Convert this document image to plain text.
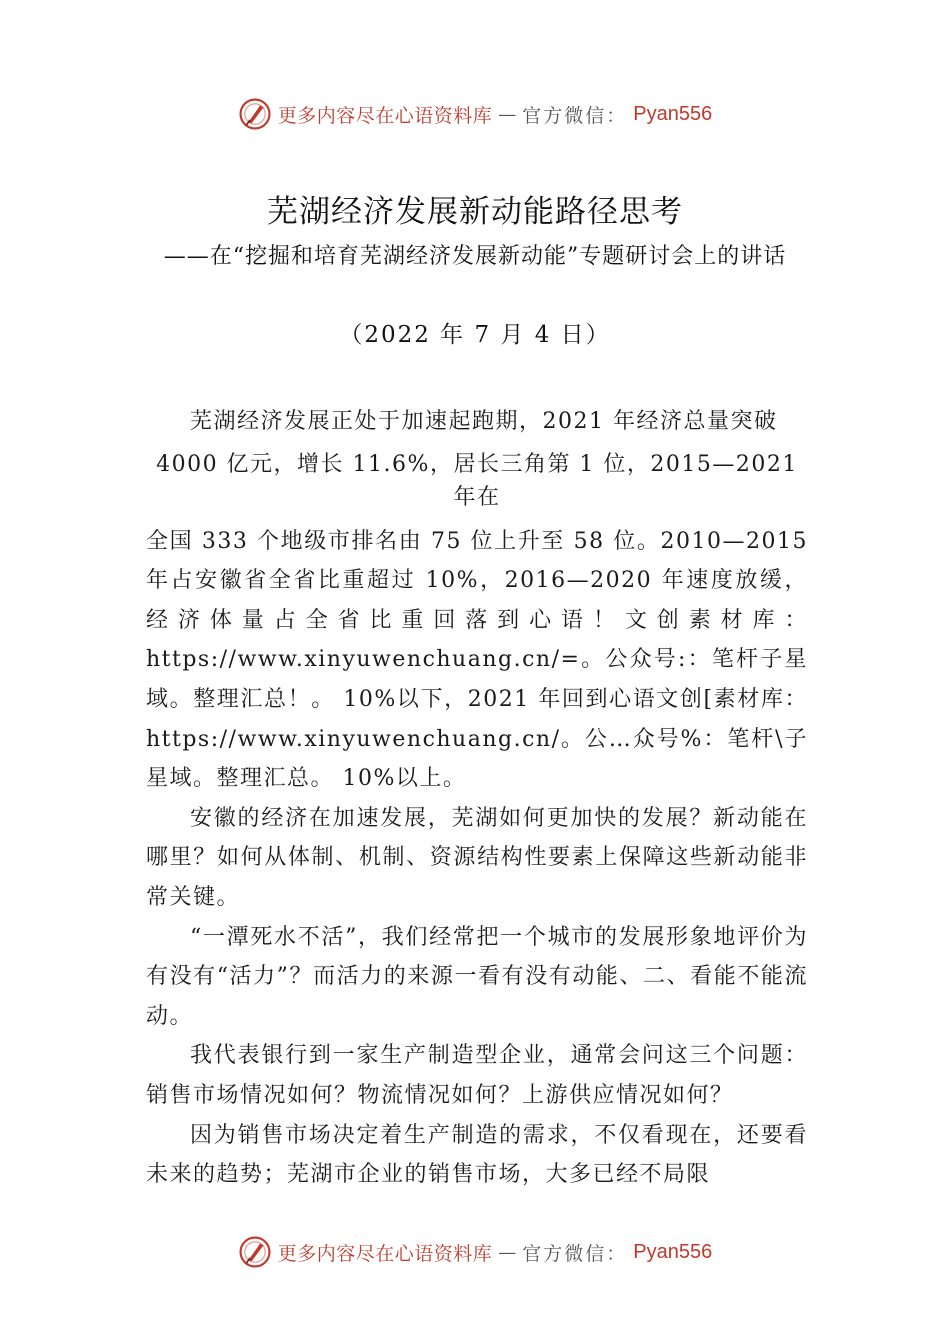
更多内容尽在心语资料库 — 官方微信： Pyan556
芜湖经济发展新动能路径思考
——在“挖掘和培育芜湖经济发展新动能”专题研讨会上的讲话
（2022 年 7 月 4 日）

芜湖经济发展正处于加速起跑期，2021 年经济总量突破

4000 亿元，增长 11.6%，居长三角第 1 位，2015—2021 年在

全国 333 个地级市排名由 75 位上升至 58 位。2010—2015 年占安徽省全省比重超过 10%，2016—2020 年速度放缓，经济体量占全省比重回落到心语！文创素材库：https://www.xinyuwenchuang.cn/=。公众号:：笔杆子星域。整理汇总！。 10%以下，2021 年回到心语文创[素材库：https://www.xinyuwenchuang.cn/。公…众号%：笔杆\子星域。整理汇总。 10%以上。

安徽的经济在加速发展，芜湖如何更加快的发展？新动能在哪里？如何从体制、机制、资源结构性要素上保障这些新动能非常关键。

“一潭死水不活”，我们经常把一个城市的发展形象地评价为有没有“活力”？而活力的来源一看有没有动能、二、看能不能流动。

我代表银行到一家生产制造型企业，通常会问这三个问题：销售市场情况如何？物流情况如何？上游供应情况如何？

因为销售市场决定着生产制造的需求，不仅看现在，还要看未来的趋势；芜湖市企业的销售市场，大多已经不局限

更多内容尽在心语资料库 — 官方微信： Pyan556
